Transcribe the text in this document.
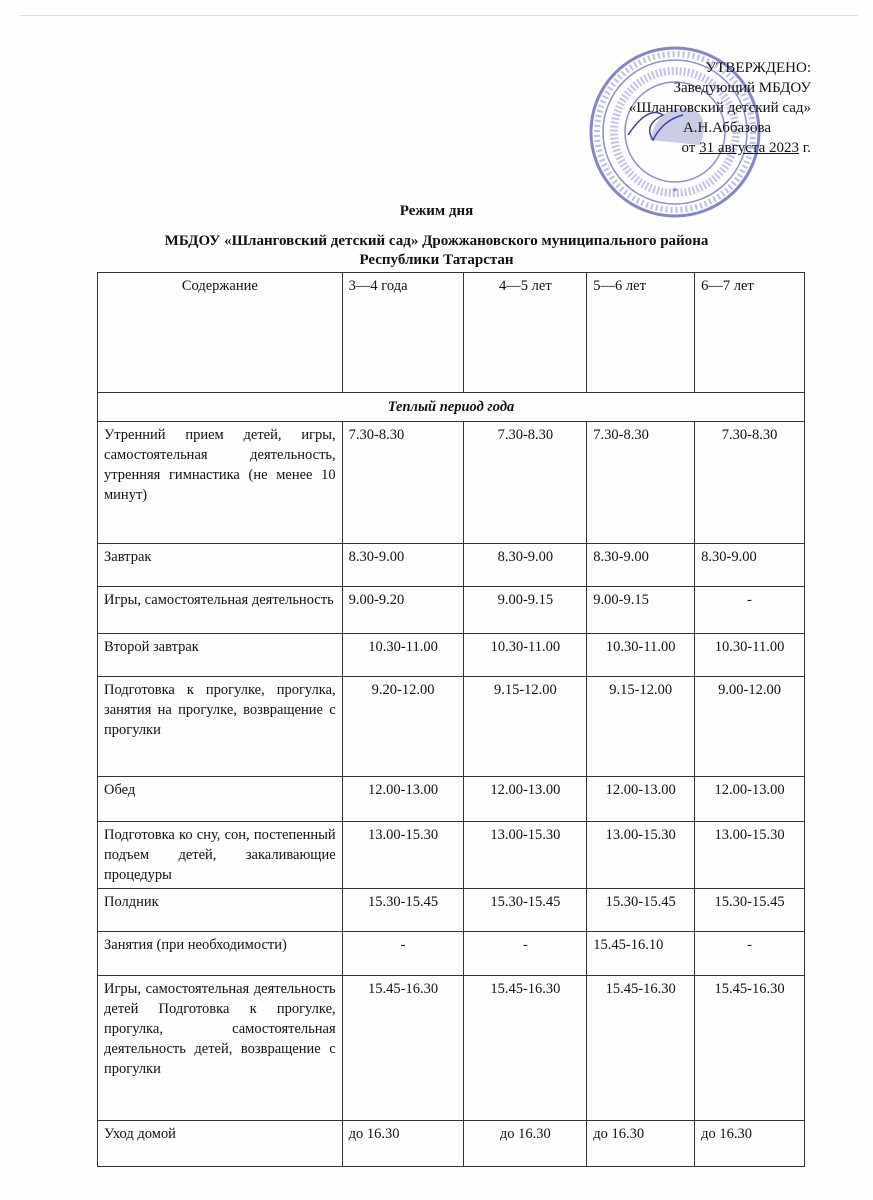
*
УТВЕРЖДЕНО:
Заведующий МБДОУ
«Шланговский детский сад»
А.Н.Аббазова
от 31 августа 2023 г.
Режим дня
МБДОУ «Шланговский детский сад» Дрожжановского муниципального района
Республики Татарстан
Содержание	3—4 года	4—5 лет	5—6 лет	6—7 лет
Теплый период года				
Утренний прием детей, игры, самостоятельная деятельность, утренняя гимнастика (не менее 10 минут)	7.30-8.30	7.30-8.30	7.30-8.30	7.30-8.30
Завтрак	8.30-9.00	8.30-9.00	8.30-9.00	8.30-9.00
Игры, самостоятельная деятельность	9.00-9.20	9.00-9.15	9.00-9.15	-
Второй завтрак	10.30-11.00	10.30-11.00	10.30-11.00	10.30-11.00
Подготовка к прогулке, прогулка, занятия на прогулке, возвращение с прогулки	9.20-12.00	9.15-12.00	9.15-12.00	9.00-12.00
Обед	12.00-13.00	12.00-13.00	12.00-13.00	12.00-13.00
Подготовка ко сну, сон, постепенный подъем детей, закаливающие процедуры	13.00-15.30	13.00-15.30	13.00-15.30	13.00-15.30
Полдник	15.30-15.45	15.30-15.45	15.30-15.45	15.30-15.45
Занятия (при необходимости)	-	-	15.45-16.10	-
Игры, самостоятельная деятельность детей Подготовка к прогулке, прогулка, самостоятельная деятельность детей, возвращение с прогулки	15.45-16.30	15.45-16.30	15.45-16.30	15.45-16.30
Уход домой	до 16.30	до 16.30	до 16.30	до 16.30
